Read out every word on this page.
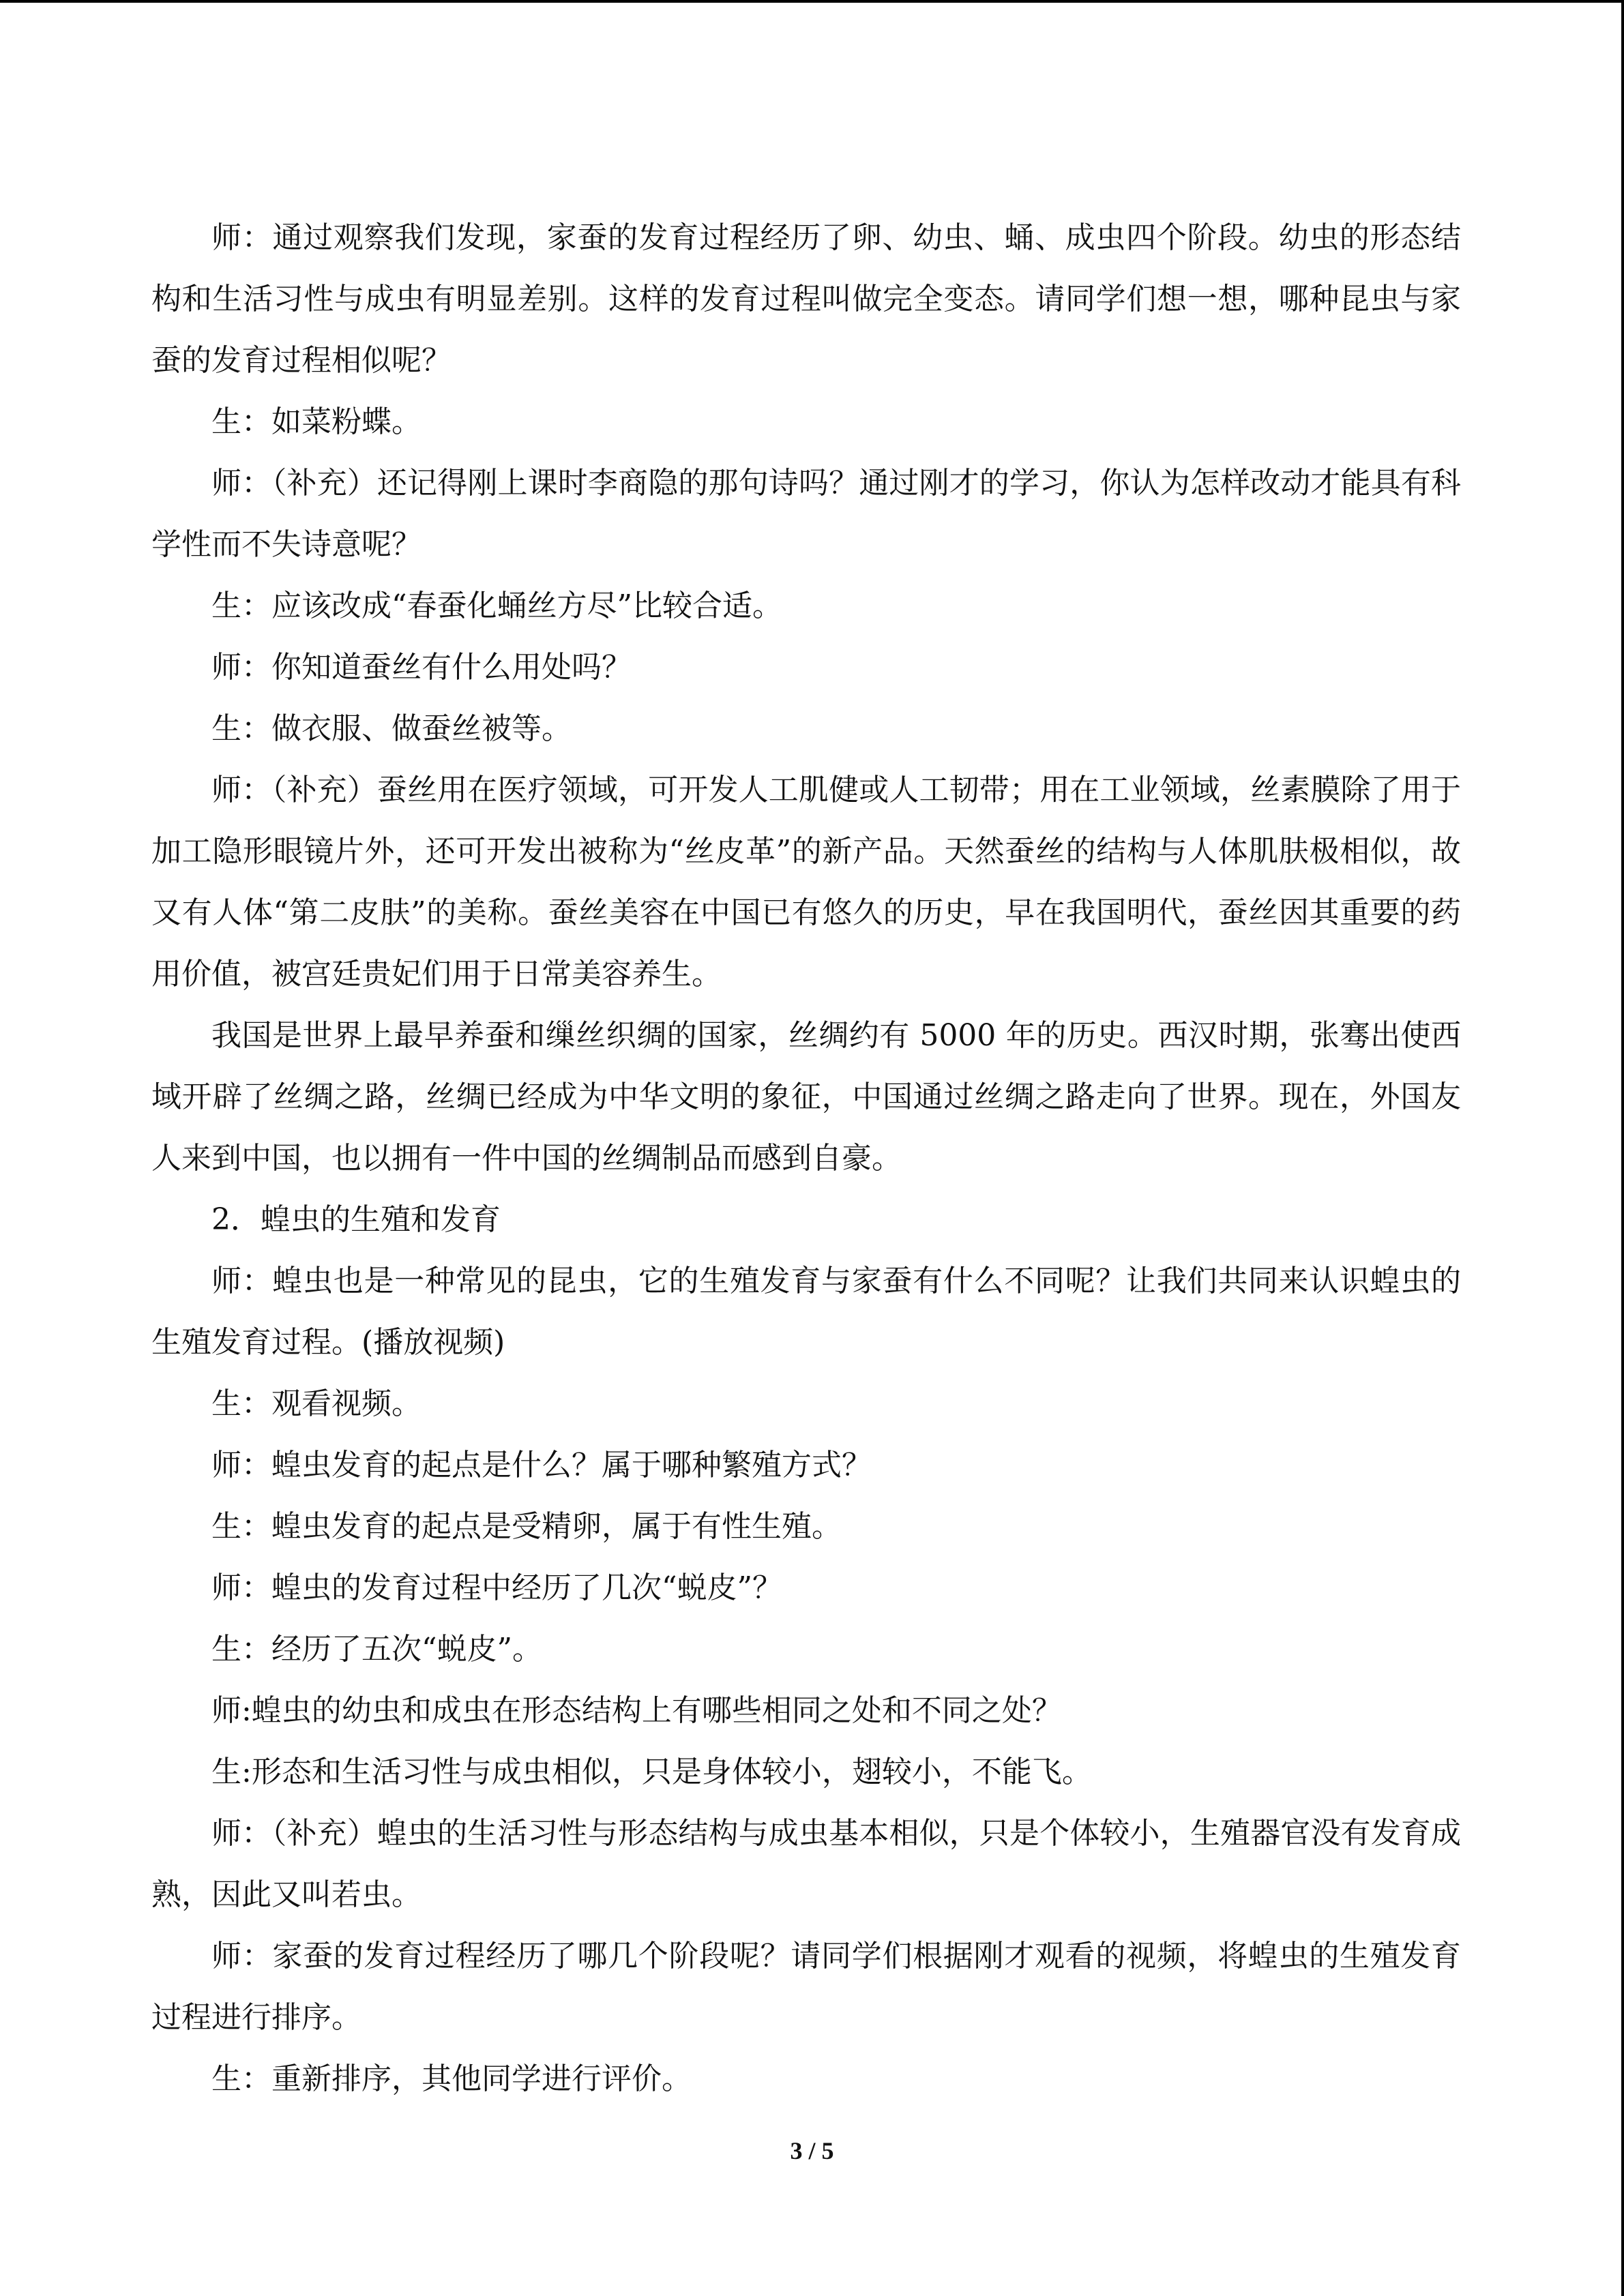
师：通过观察我们发现，家蚕的发育过程经历了卵、幼虫、蛹、成虫四个阶段。幼虫的形态结构和生活习性与成虫有明显差别。这样的发育过程叫做完全变态。请同学们想一想，哪种昆虫与家蚕的发育过程相似呢？

生：如菜粉蝶。

师：（补充）还记得刚上课时李商隐的那句诗吗？通过刚才的学习，你认为怎样改动才能具有科学性而不失诗意呢？

生：应该改成“春蚕化蛹丝方尽”比较合适。

师：你知道蚕丝有什么用处吗？

生：做衣服、做蚕丝被等。

师：（补充）蚕丝用在医疗领域，可开发人工肌健或人工韧带；用在工业领域，丝素膜除了用于加工隐形眼镜片外，还可开发出被称为“丝皮革”的新产品。天然蚕丝的结构与人体肌肤极相似，故又有人体“第二皮肤”的美称。蚕丝美容在中国已有悠久的历史，早在我国明代，蚕丝因其重要的药用价值，被宫廷贵妃们用于日常美容养生。

我国是世界上最早养蚕和缫丝织绸的国家，丝绸约有 5000 年的历史。西汉时期，张骞出使西域开辟了丝绸之路，丝绸已经成为中华文明的象征，中国通过丝绸之路走向了世界。现在，外国友人来到中国，也以拥有一件中国的丝绸制品而感到自豪。

2．蝗虫的生殖和发育

师：蝗虫也是一种常见的昆虫，它的生殖发育与家蚕有什么不同呢？让我们共同来认识蝗虫的生殖发育过程。(播放视频)

生：观看视频。

师：蝗虫发育的起点是什么？属于哪种繁殖方式？

生：蝗虫发育的起点是受精卵，属于有性生殖。

师：蝗虫的发育过程中经历了几次“蜕皮”？

生：经历了五次“蜕皮”。

师:蝗虫的幼虫和成虫在形态结构上有哪些相同之处和不同之处？

生:形态和生活习性与成虫相似，只是身体较小，翅较小，不能飞。

师：（补充）蝗虫的生活习性与形态结构与成虫基本相似，只是个体较小，生殖器官没有发育成熟，因此又叫若虫。

师：家蚕的发育过程经历了哪几个阶段呢？请同学们根据刚才观看的视频，将蝗虫的生殖发育过程进行排序。

生：重新排序，其他同学进行评价。

3 / 5
